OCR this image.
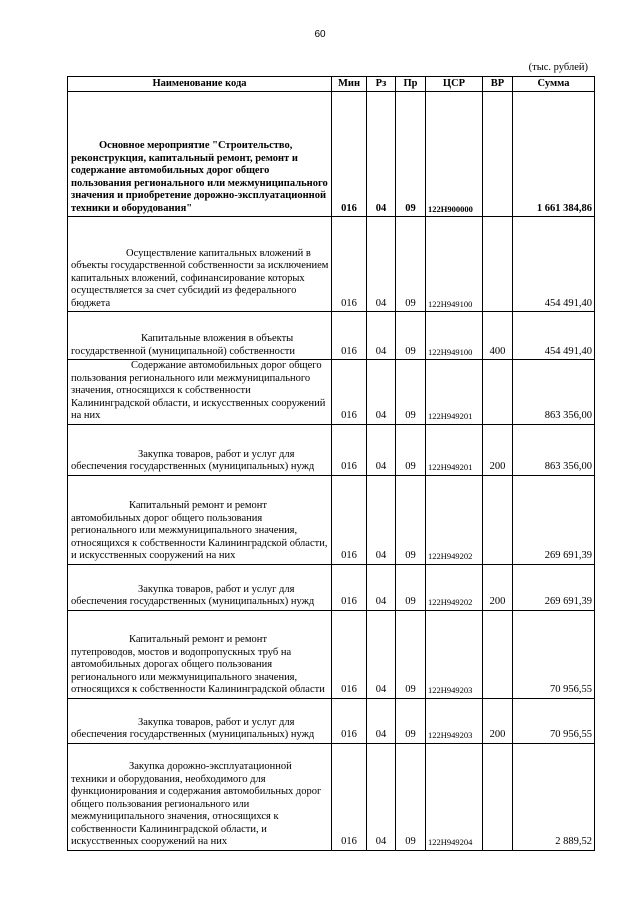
60
(тыс. рублей)
Наименование кода	Мин	Рз	Пр	ЦСР	ВР	Сумма
Основное мероприятие "Строительство, реконструкция, капитальный ремонт, ремонт и содержание автомобильных дорог общего пользования регионального или межмуниципального значения и приобретение дорожно-эксплуатационной техники и оборудования"	016	04	09	122H900000		1 661 384,86
Осуществление капитальных вложений в объекты государственной собственности за исключением капитальных вложений, софинансирование которых осуществляется за счет субсидий из федерального бюджета	016	04	09	122H949100		454 491,40
Капитальные вложения в объекты государственной (муниципальной) собственности	016	04	09	122H949100	400	454 491,40
Содержание автомобильных дорог общего пользования регионального или межмуниципального значения, относящихся к собственности Калининградской области, и искусственных сооружений на них	016	04	09	122H949201		863 356,00
Закупка товаров, работ и услуг для обеспечения государственных (муниципальных) нужд	016	04	09	122H949201	200	863 356,00
Капитальный ремонт и ремонт автомобильных дорог общего пользования регионального или межмуниципального значения, относящихся к собственности Калининградской области, и искусственных сооружений на них	016	04	09	122H949202		269 691,39
Закупка товаров, работ и услуг для обеспечения государственных (муниципальных) нужд	016	04	09	122H949202	200	269 691,39
Капитальный ремонт и ремонт путепроводов, мостов и водопропускных труб на автомобильных дорогах общего пользования регионального или межмуниципального значения, относящихся к собственности Калининградской области	016	04	09	122H949203		70 956,55
Закупка товаров, работ и услуг для обеспечения государственных (муниципальных) нужд	016	04	09	122H949203	200	70 956,55
Закупка дорожно-эксплуатационной техники и оборудования, необходимого для функционирования и содержания автомобильных дорог общего пользования регионального или межмуниципального значения, относящихся к собственности Калининградской области, и искусственных сооружений на них	016	04	09	122H949204		2 889,52
